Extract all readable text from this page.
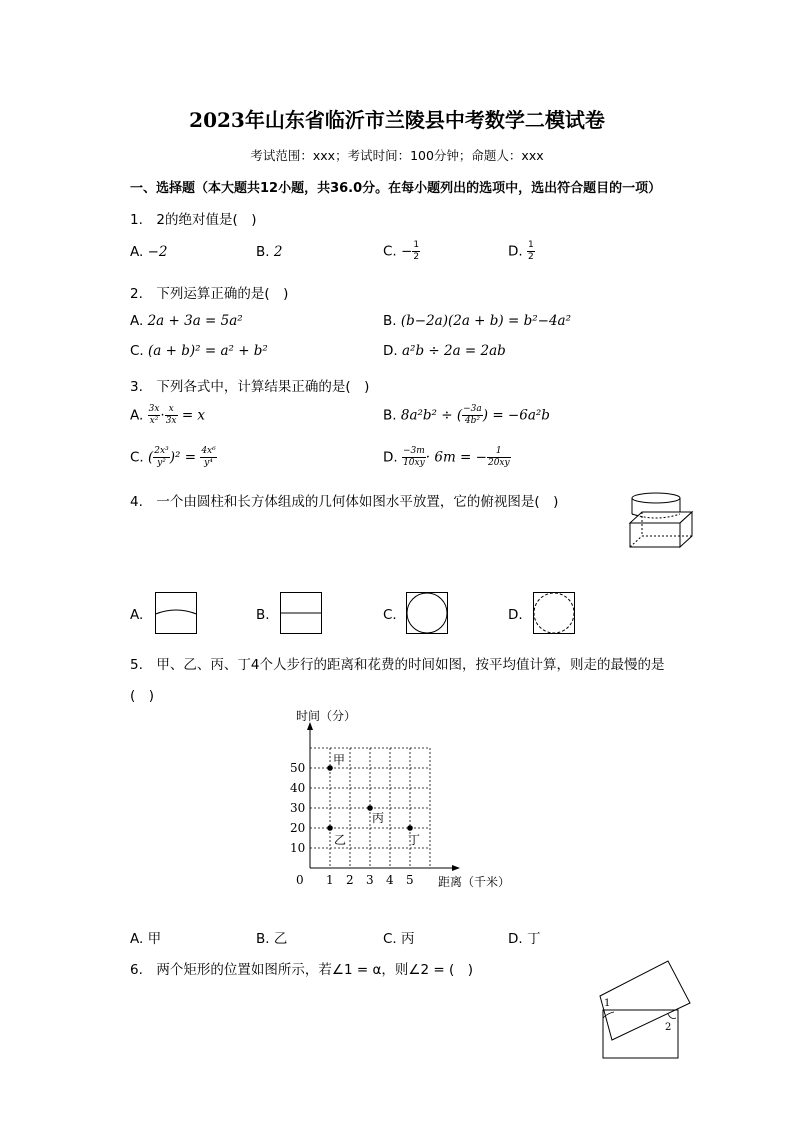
2023年山东省临沂市兰陵县中考数学二模试卷
考试范围：xxx；考试时间：100分钟；命题人：xxx
一、选择题（本大题共12小题，共36.0分。在每小题列出的选项中，选出符合题目的一项）
1.　2的绝对值是(　)
A. −2	B. 2	C. − $\frac{1}{2}$	D. $\frac{1}{2}$
2.　下列运算正确的是(　)
A. 2a + 3a = 5a²	B. (b−2a)(2a + b) = b²−4a²
C. (a + b)² = a² + b²	D. a²b ÷ 2a = 2ab
3.　下列各式中，计算结果正确的是(　)
A. $\frac{3x}{\text{x²}} \cdot \frac{x}{3x} = x$	B. 8a²b² ÷ ( $\frac{-3a}{\text{4b²}}$ ) = −6a²b
C. ( $\frac{\text{2x³}}{\text{y²}} )^2 = \frac{\text{4x⁶}}{\text{y⁴}}$	D. $\frac{-3m}{10xy} \cdot 6m$ = − $\frac{1}{20xy}$
4.　一个由圆柱和长方体组成的几何体如图水平放置，它的俯视图是(　)
A.	B.	C.	D.
5.　甲、乙、丙、丁4个人步行的距离和花费的时间如图，按平均值计算，则走的最慢的是
(　)
0 1 2 3 4 5
10
20
30
40
50
时间（分）
距离（千米）
甲
乙
丙
丁
A. 甲	B. 乙	C. 丙	D. 丁
6.　两个矩形的位置如图所示，若∠1 = α，则∠2 = (　)
1
2
